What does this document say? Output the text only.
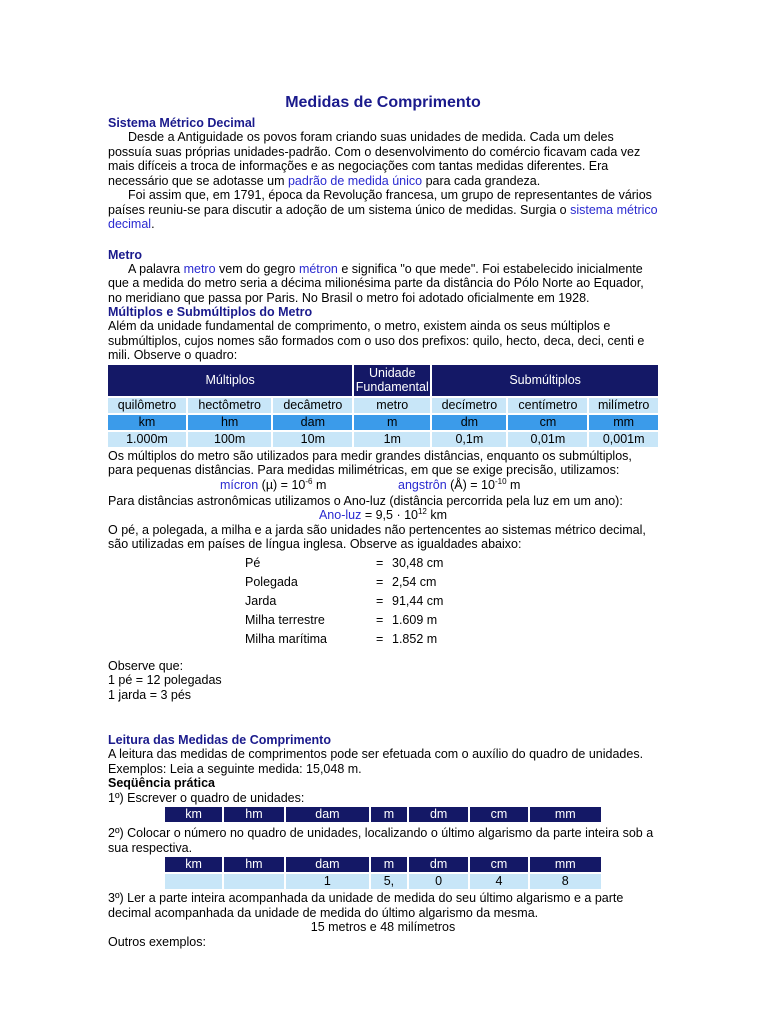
Medidas de Comprimento
Sistema Métrico Decimal
Desde a Antiguidade os povos foram criando suas unidades de medida. Cada um deles possuía suas próprias unidades-padrão. Com o desenvolvimento do comércio ficavam cada vez mais difíceis a troca de informações e as negociações com tantas medidas diferentes. Era necessário que se adotasse um padrão de medida único para cada grandeza.
Foi assim que, em 1791, época da Revolução francesa, um grupo de representantes de vários países reuniu-se para discutir a adoção de um sistema único de medidas. Surgia o sistema métrico decimal.
Metro
A palavra metro vem do gegro métron e significa "o que mede". Foi estabelecido inicialmente que a medida do metro seria a décima milionésima parte da distância do Pólo Norte ao Equador, no meridiano que passa por Paris. No Brasil o metro foi adotado oficialmente em 1928.
Múltiplos e Submúltiplos do Metro
Além da unidade fundamental de comprimento, o metro, existem ainda os seus múltiplos e submúltiplos, cujos nomes são formados com o uso dos prefixos: quilo, hecto, deca, deci, centi e mili. Observe o quadro:
Múltiplos			Unidade Fundamental	Submúltiplos		
quilômetro	hectômetro	decâmetro	metro	decímetro	centímetro	milímetro
km	hm	dam	m	dm	cm	mm
1.000m	100m	10m	1m	0,1m	0,01m	0,001m
Os múltiplos do metro são utilizados para medir grandes distâncias, enquanto os submúltiplos, para pequenas distâncias. Para medidas milimétricas, em que se exige precisão, utilizamos:
mícron $(\mu) = 10^{-6}$ m	angstrôn (Å) = $10^{-10}$ m
Para distâncias astronômicas utilizamos o Ano-luz (distância percorrida pela luz em um ano):
$Ano-luz = 9,5 \cdot 10^{12}$ km
O pé, a polegada, a milha e a jarda são unidades não pertencentes ao sistemas métrico decimal, são utilizadas em países de língua inglesa. Observe as igualdades abaixo:
Pé	= 30,48 cm
Polegada	= 2,54 cm
Jarda	= 91,44 cm
Milha terrestre	= 1.609 m
Milha marítima	= 1.852 m
Observe que:
1 pé = 12 polegadas
1 jarda = 3 pés
Leitura das Medidas de Comprimento
A leitura das medidas de comprimentos pode ser efetuada com o auxílio do quadro de unidades. Exemplos: Leia a seguinte medida: 15,048 m.
Seqüência prática
1º) Escrever o quadro de unidades:
km	hm	dam	m	dm	cm	mm
2º) Colocar o número no quadro de unidades, localizando o último algarismo da parte inteira sob a sua respectiva.
km	hm	dam	m	dm	cm	mm
		1	5,	0	4	8
3º) Ler a parte inteira acompanhada da unidade de medida do seu último algarismo e a parte decimal acompanhada da unidade de medida do último algarismo da mesma.
15 metros e 48 milímetros
Outros exemplos:
